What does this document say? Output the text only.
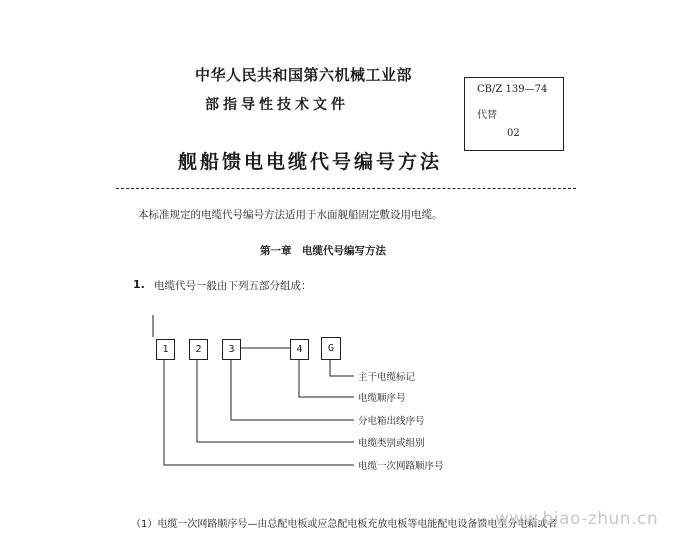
中华人民共和国第六机械工业部
部指导性技术文件
舰船馈电电缆代号编号方法
CB/Z 139—74
代替
02
本标准规定的电缆代号编号方法适用于水面舰船固定敷设用电缆。
第一章　电缆代号编写方法
1. 电缆代号一般由下列五部分组成：
1	2	3	4	G
主干电缆标记
电缆顺序号
分电箱出线序号
电缆类别或组别
电缆一次网路顺序号
（1）电缆一次网路顺序号—由总配电板或应急配电板充放电板等电能配电设备馈电至分电箱或者
www.biao-zhun.cn
